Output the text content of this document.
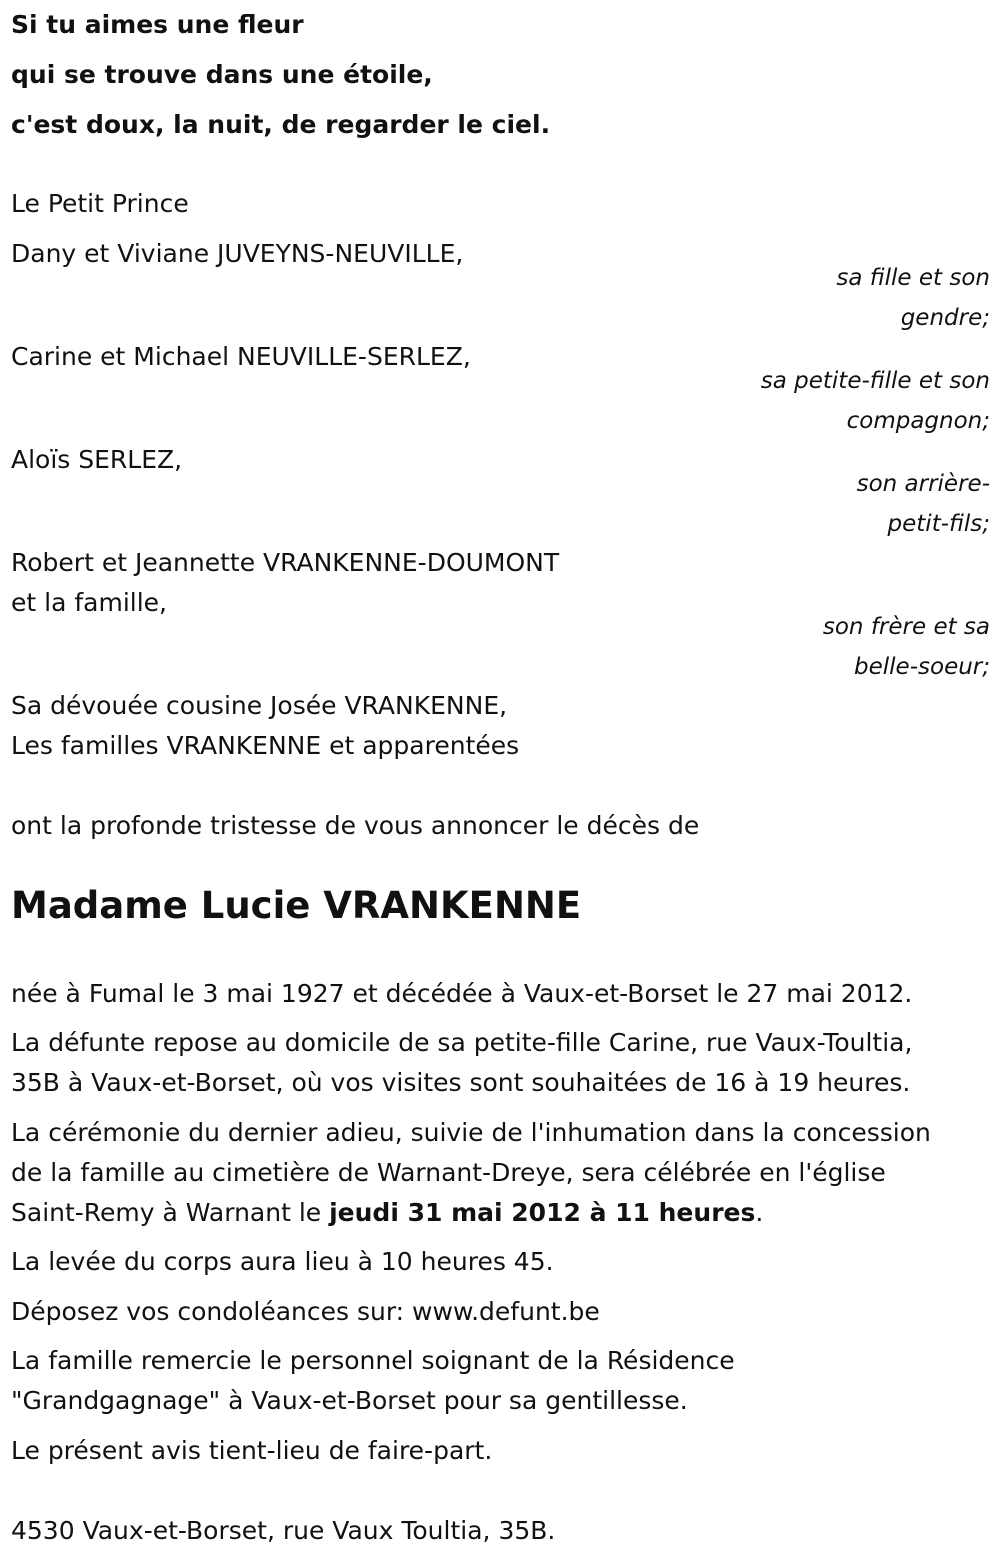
Si tu aimes une fleur
qui se trouve dans une étoile,
c'est doux, la nuit, de regarder le ciel.
Le Petit Prince
Dany et Viviane JUVEYNS-NEUVILLE,
sa fille et son
gendre;
Carine et Michael NEUVILLE-SERLEZ,
sa petite-fille et son
compagnon;
Aloïs SERLEZ,
son arrière-
petit-fils;
Robert et Jeannette VRANKENNE-DOUMONT
et la famille,
son frère et sa
belle-soeur;
Sa dévouée cousine Josée VRANKENNE,
Les familles VRANKENNE et apparentées
ont la profonde tristesse de vous annoncer le décès de
Madame Lucie VRANKENNE
née à Fumal le 3 mai 1927 et décédée à Vaux-et-Borset le 27 mai 2012.
La défunte repose au domicile de sa petite-fille Carine, rue Vaux-Toultia,
35B à Vaux-et-Borset, où vos visites sont souhaitées de 16 à 19 heures.
La cérémonie du dernier adieu, suivie de l'inhumation dans la concession
de la famille au cimetière de Warnant-Dreye, sera célébrée en l'église
Saint-Remy à Warnant le jeudi 31 mai 2012 à 11 heures.
La levée du corps aura lieu à 10 heures 45.
Déposez vos condoléances sur: www.defunt.be
La famille remercie le personnel soignant de la Résidence
"Grandgagnage" à Vaux-et-Borset pour sa gentillesse.
Le présent avis tient-lieu de faire-part.
4530 Vaux-et-Borset, rue Vaux Toultia, 35B.
